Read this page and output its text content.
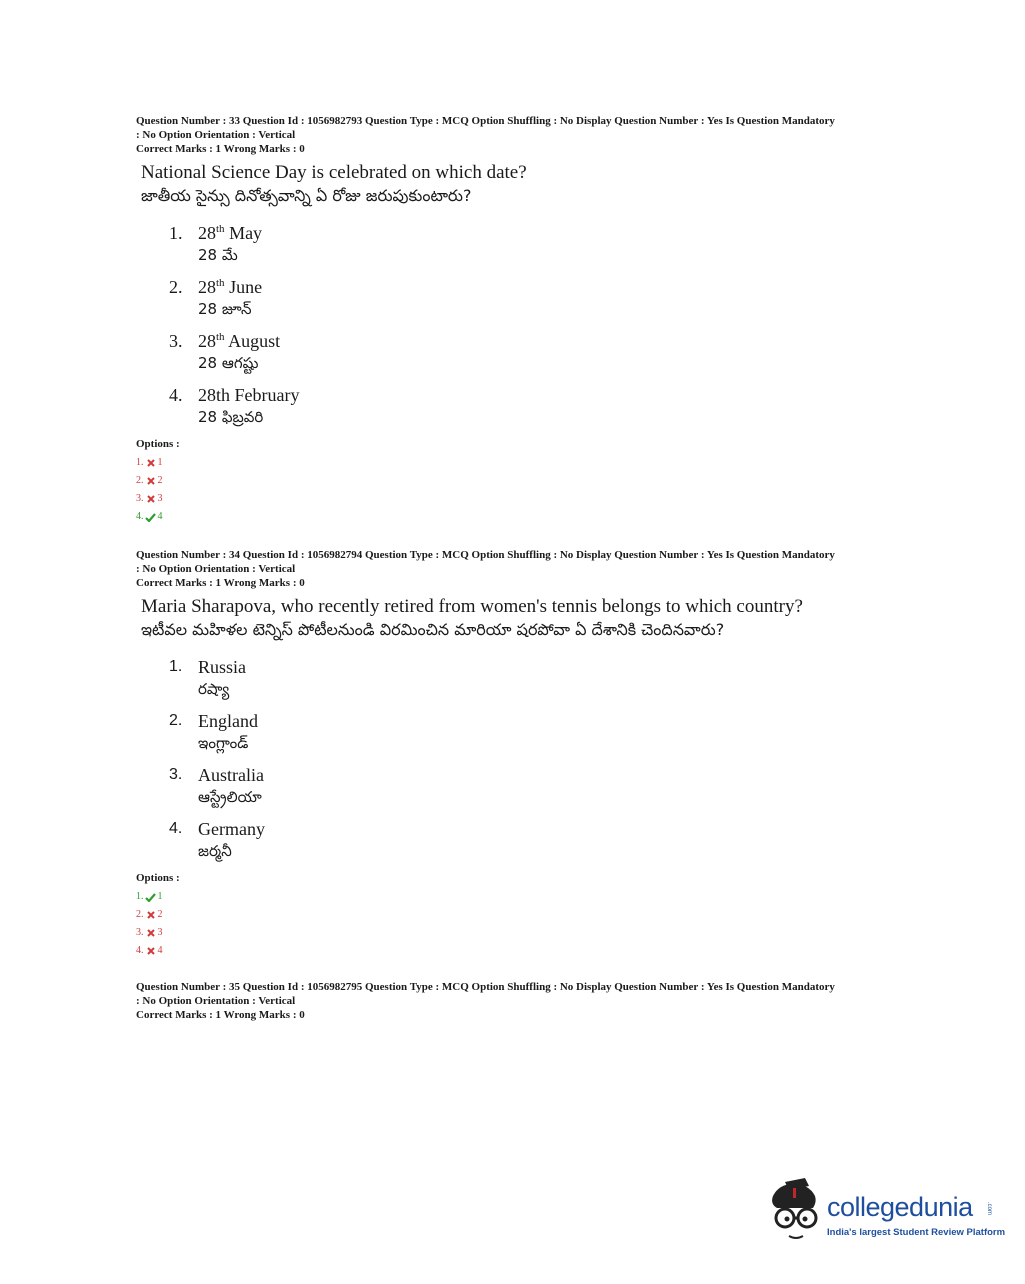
Question Number : 33 Question Id : 1056982793 Question Type : MCQ Option Shuffling : No Display Question Number : Yes Is Question Mandatory
: No Option Orientation : Vertical
Correct Marks : 1 Wrong Marks : 0
National Science Day is celebrated on which date?
జాతీయ సైన్సు దినోత్సవాన్ని ఏ రోజు జరుపుకుంటారు?
1. 28th May
28 మే
2. 28th June
28 జూన్
3. 28th August
28 ఆగష్టు
4. 28th February
28 ఫిబ్రవరి
Options :
1. 1
2. 2
3. 3
4. 4
Question Number : 34 Question Id : 1056982794 Question Type : MCQ Option Shuffling : No Display Question Number : Yes Is Question Mandatory
: No Option Orientation : Vertical
Correct Marks : 1 Wrong Marks : 0
Maria Sharapova, who recently retired from women's tennis belongs to which country?
ఇటీవల మహిళల టెన్నిస్ పోటీలనుండి విరమించిన మారియా షరపోవా ఏ దేశానికి చెందినవారు?
1. Russia
రష్యా
2. England
ఇంగ్లాండ్
3. Australia
ఆస్ట్రేలియా
4. Germany
జర్మనీ
Options :
1. 1
2. 2
3. 3
4. 4
Question Number : 35 Question Id : 1056982795 Question Type : MCQ Option Shuffling : No Display Question Number : Yes Is Question Mandatory
: No Option Orientation : Vertical
Correct Marks : 1 Wrong Marks : 0
collegedunia .com
India's largest Student Review Platform
